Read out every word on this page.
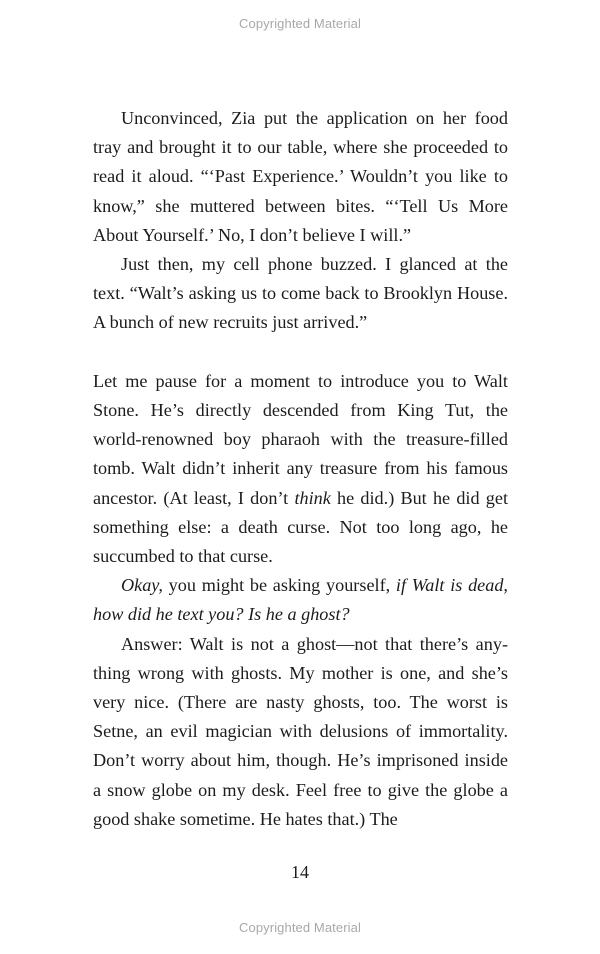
Copyrighted Material

Unconvinced, Zia put the application on her food tray and brought it to our table, where she proceeded to read it aloud. “‘Past Experience.’ Wouldn’t you like to know,” she muttered between bites. “‘Tell Us More About Yourself.’ No, I don’t believe I will.”

Just then, my cell phone buzzed. I glanced at the text. “Walt’s asking us to come back to Brooklyn House. A bunch of new recruits just arrived.”

Let me pause for a moment to introduce you to Walt Stone. He’s directly descended from King Tut, the world-renowned boy pharaoh with the treasure-filled tomb. Walt didn’t inherit any treasure from his famous ancestor. (At least, I don’t think he did.) But he did get something else: a death curse. Not too long ago, he succumbed to that curse.

Okay, you might be asking yourself, if Walt is dead, how did he text you? Is he a ghost?

Answer: Walt is not a ghost—not that there’s anything wrong with ghosts. My mother is one, and she’s very nice. (There are nasty ghosts, too. The worst is Setne, an evil magician with delusions of immortality. Don’t worry about him, though. He’s imprisoned inside a snow globe on my desk. Feel free to give the globe a good shake sometime. He hates that.) The

14
Copyrighted Material
